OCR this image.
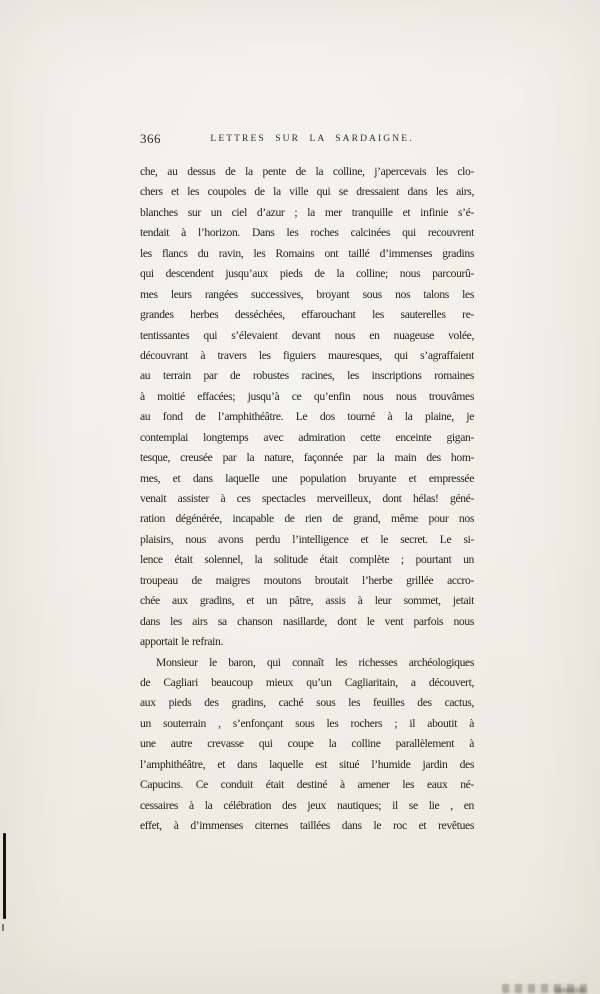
366	LETTRES SUR LA SARDAIGNE.
che, au dessus de la pente de la colline, j’apercevais les clo-
chers et les coupoles de la ville qui se dressaient dans les airs,
blanches sur un ciel d’azur ; la mer tranquille et infinie s’é-
tendait à l’horizon. Dans les roches calcinées qui recouvrent
les flancs du ravin, les Romains ont taillé d’immenses gradins
qui descendent jusqu’aux pieds de la colline; nous parcourû-
mes leurs rangées successives, broyant sous nos talons les
grandes herbes desséchées, effarouchant les sauterelles re-
tentissantes qui s’élevaient devant nous en nuageuse volée,
découvrant à travers les figuiers mauresques, qui s’agraffaient
au terrain par de robustes racines, les inscriptions romaines
à moitié effacées; jusqu’à ce qu’enfin nous nous trouvâmes
au fond de l’amphithéâtre. Le dos tourné à la plaine, je
contemplai longtemps avec admiration cette enceinte gigan-
tesque, creusée par la nature, façonnée par la main des hom-
mes, et dans laquelle une population bruyante et empressée
venait assister à ces spectacles merveilleux, dont hélas! géné-
ration dégénérée, incapable de rien de grand, même pour nos
plaisirs, nous avons perdu l’intelligence et le secret. Le si-
lence était solennel, la solitude était complète ; pourtant un
troupeau de maigres moutons broutait l’herbe grillée accro-
chée aux gradins, et un pâtre, assis à leur sommet, jetait
dans les airs sa chanson nasillarde, dont le vent parfois nous
apportait le refrain.
Monsieur le baron, qui connaît les richesses archéologiques
de Cagliari beaucoup mieux qu’un Cagliaritain, a découvert,
aux pieds des gradins, caché sous les feuilles des cactus,
un souterrain , s’enfonçant sous les rochers ; il aboutit à
une autre crevasse qui coupe la colline parallèlement à
l’amphithéâtre, et dans laquelle est situé l’humide jardin des
Capucins. Ce conduit était destiné à amener les eaux né-
cessaires à la célébration des jeux nautiques; il se lie , en
effet, à d’immenses citernes taillées dans le roc et revêtues
